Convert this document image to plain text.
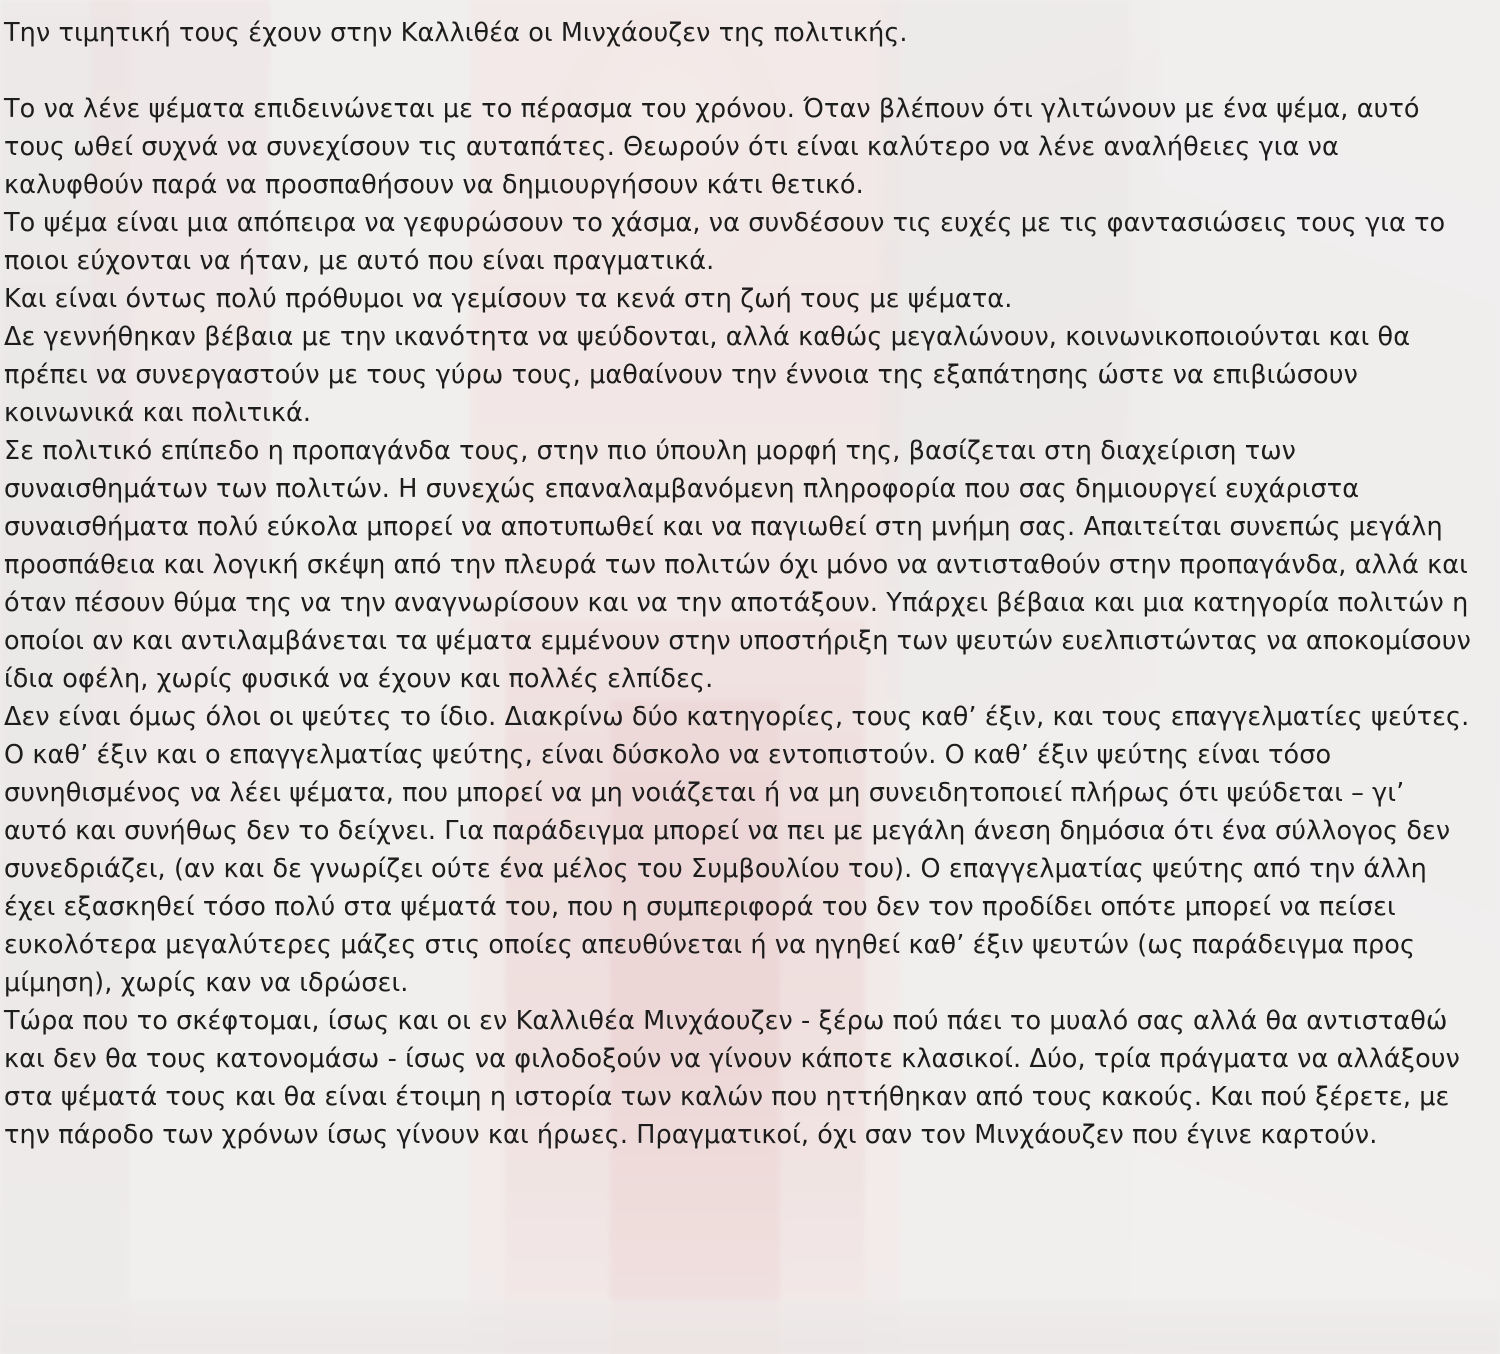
Την τιμητική τους έχουν στην Καλλιθέα οι Μινχάουζεν της πολιτικής.

Το να λένε ψέματα επιδεινώνεται με το πέρασμα του χρόνου. Όταν βλέπουν ότι γλιτώνουν με ένα ψέμα, αυτό τους ωθεί συχνά να συνεχίσουν τις αυταπάτες. Θεωρούν ότι είναι καλύτερο να λένε αναλήθειες για να καλυφθούν παρά να προσπαθήσουν να δημιουργήσουν κάτι θετικό.

Το ψέμα είναι μια απόπειρα να γεφυρώσουν το χάσμα, να συνδέσουν τις ευχές με τις φαντασιώσεις τους για το ποιοι εύχονται να ήταν, με αυτό που είναι πραγματικά.

Και είναι όντως πολύ πρόθυμοι να γεμίσουν τα κενά στη ζωή τους με ψέματα.

Δε γεννήθηκαν βέβαια με την ικανότητα να ψεύδονται, αλλά καθώς μεγαλώνουν, κοινωνικοποιούνται και θα πρέπει να συνεργαστούν με τους γύρω τους, μαθαίνουν την έννοια της εξαπάτησης ώστε να επιβιώσουν κοινωνικά και πολιτικά.

Σε πολιτικό επίπεδο η προπαγάνδα τους, στην πιο ύπουλη μορφή της, βασίζεται στη διαχείριση των συναισθημάτων των πολιτών. Η συνεχώς επαναλαμβανόμενη πληροφορία που σας δημιουργεί ευχάριστα συναισθήματα πολύ εύκολα μπορεί να αποτυπωθεί και να παγιωθεί στη μνήμη σας. Απαιτείται συνεπώς μεγάλη προσπάθεια και λογική σκέψη από την πλευρά των πολιτών όχι μόνο να αντισταθούν στην προπαγάνδα, αλλά και όταν πέσουν θύμα της να την αναγνωρίσουν και να την αποτάξουν. Υπάρχει βέβαια και μια κατηγορία πολιτών η οποίοι αν και αντιλαμβάνεται τα ψέματα εμμένουν στην υποστήριξη των ψευτών ευελπιστώντας να αποκομίσουν ίδια οφέλη, χωρίς φυσικά να έχουν και πολλές ελπίδες.

Δεν είναι όμως όλοι οι ψεύτες το ίδιο. Διακρίνω δύο κατηγορίες, τους καθ’ έξιν, και τους επαγγελματίες ψεύτες.

Ο καθ’ έξιν και ο επαγγελματίας ψεύτης, είναι δύσκολο να εντοπιστούν. Ο καθ’ έξιν ψεύτης είναι τόσο συνηθισμένος να λέει ψέματα, που μπορεί να μη νοιάζεται ή να μη συνειδητοποιεί πλήρως ότι ψεύδεται – γι’ αυτό και συνήθως δεν το δείχνει. Για παράδειγμα μπορεί να πει με μεγάλη άνεση δημόσια ότι ένα σύλλογος δεν συνεδριάζει, (αν και δε γνωρίζει ούτε ένα μέλος του Συμβουλίου του). Ο επαγγελματίας ψεύτης από την άλλη έχει εξασκηθεί τόσο πολύ στα ψέματά του, που η συμπεριφορά του δεν τον προδίδει οπότε μπορεί να πείσει ευκολότερα μεγαλύτερες μάζες στις οποίες απευθύνεται ή να ηγηθεί καθ’ έξιν ψευτών (ως παράδειγμα προς μίμηση), χωρίς καν να ιδρώσει.

Τώρα που το σκέφτομαι, ίσως και οι εν Καλλιθέα Μινχάουζεν - ξέρω πού πάει το μυαλό σας αλλά θα αντισταθώ και δεν θα τους κατονομάσω - ίσως να φιλοδοξούν να γίνουν κάποτε κλασικοί. Δύο, τρία πράγματα να αλλάξουν στα ψέματά τους και θα είναι έτοιμη η ιστορία των καλών που ηττήθηκαν από τους κακούς. Και πού ξέρετε, με την πάροδο των χρόνων ίσως γίνουν και ήρωες. Πραγματικοί, όχι σαν τον Μινχάουζεν που έγινε καρτούν.
